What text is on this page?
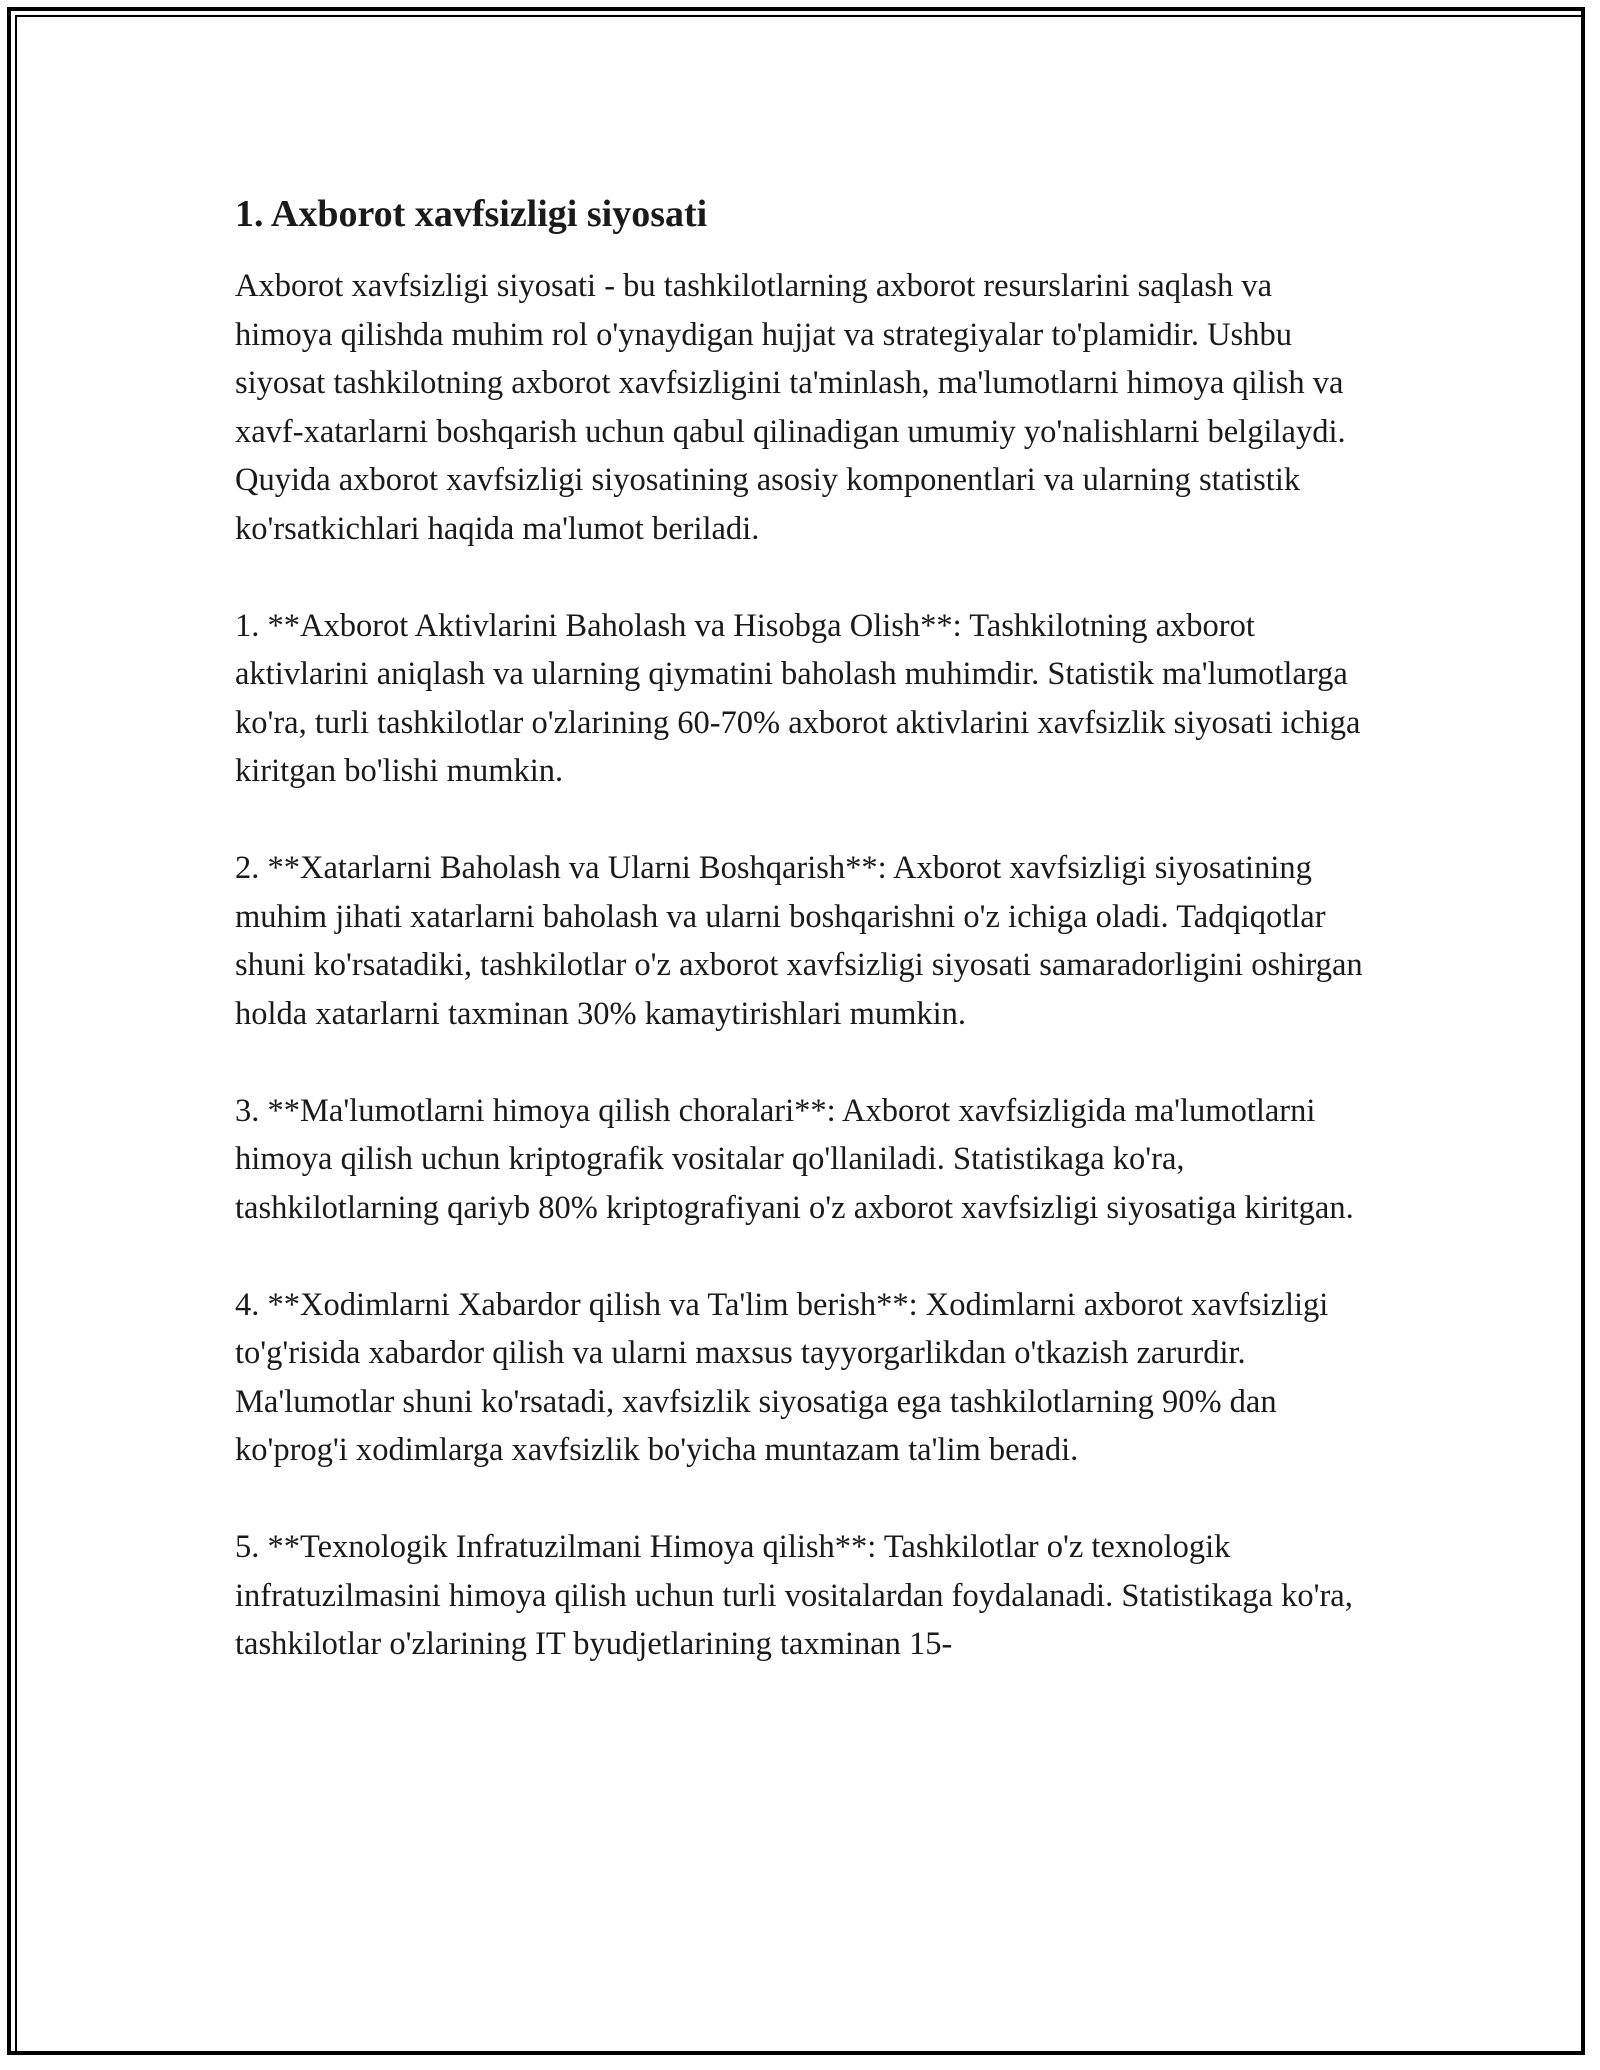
1. Axborot xavfsizligi siyosati

Axborot xavfsizligi siyosati - bu tashkilotlarning axborot resurslarini saqlash va himoya qilishda muhim rol o'ynaydigan hujjat va strategiyalar to'plamidir. Ushbu siyosat tashkilotning axborot xavfsizligini ta'minlash, ma'lumotlarni himoya qilish va xavf-xatarlarni boshqarish uchun qabul qilinadigan umumiy yo'nalishlarni belgilaydi. Quyida axborot xavfsizligi siyosatining asosiy komponentlari va ularning statistik ko'rsatkichlari haqida ma'lumot beriladi.

1. **Axborot Aktivlarini Baholash va Hisobga Olish**: Tashkilotning axborot aktivlarini aniqlash va ularning qiymatini baholash muhimdir. Statistik ma'lumotlarga ko'ra, turli tashkilotlar o'zlarining 60-70% axborot aktivlarini xavfsizlik siyosati ichiga kiritgan bo'lishi mumkin.

2. **Xatarlarni Baholash va Ularni Boshqarish**: Axborot xavfsizligi siyosatining muhim jihati xatarlarni baholash va ularni boshqarishni o'z ichiga oladi. Tadqiqotlar shuni ko'rsatadiki, tashkilotlar o'z axborot xavfsizligi siyosati samaradorligini oshirgan holda xatarlarni taxminan 30% kamaytirishlari mumkin.

3. **Ma'lumotlarni himoya qilish choralari**: Axborot xavfsizligida ma'lumotlarni himoya qilish uchun kriptografik vositalar qo'llaniladi. Statistikaga ko'ra, tashkilotlarning qariyb 80% kriptografiyani o'z axborot xavfsizligi siyosatiga kiritgan.

4. **Xodimlarni Xabardor qilish va Ta'lim berish**: Xodimlarni axborot xavfsizligi to'g'risida xabardor qilish va ularni maxsus tayyorgarlikdan o'tkazish zarurdir. Ma'lumotlar shuni ko'rsatadi, xavfsizlik siyosatiga ega tashkilotlarning 90% dan ko'prog'i xodimlarga xavfsizlik bo'yicha muntazam ta'lim beradi.

5. **Texnologik Infratuzilmani Himoya qilish**: Tashkilotlar o'z texnologik infratuzilmasini himoya qilish uchun turli vositalardan foydalanadi. Statistikaga ko'ra, tashkilotlar o'zlarining IT byudjetlarining taxminan 15-
